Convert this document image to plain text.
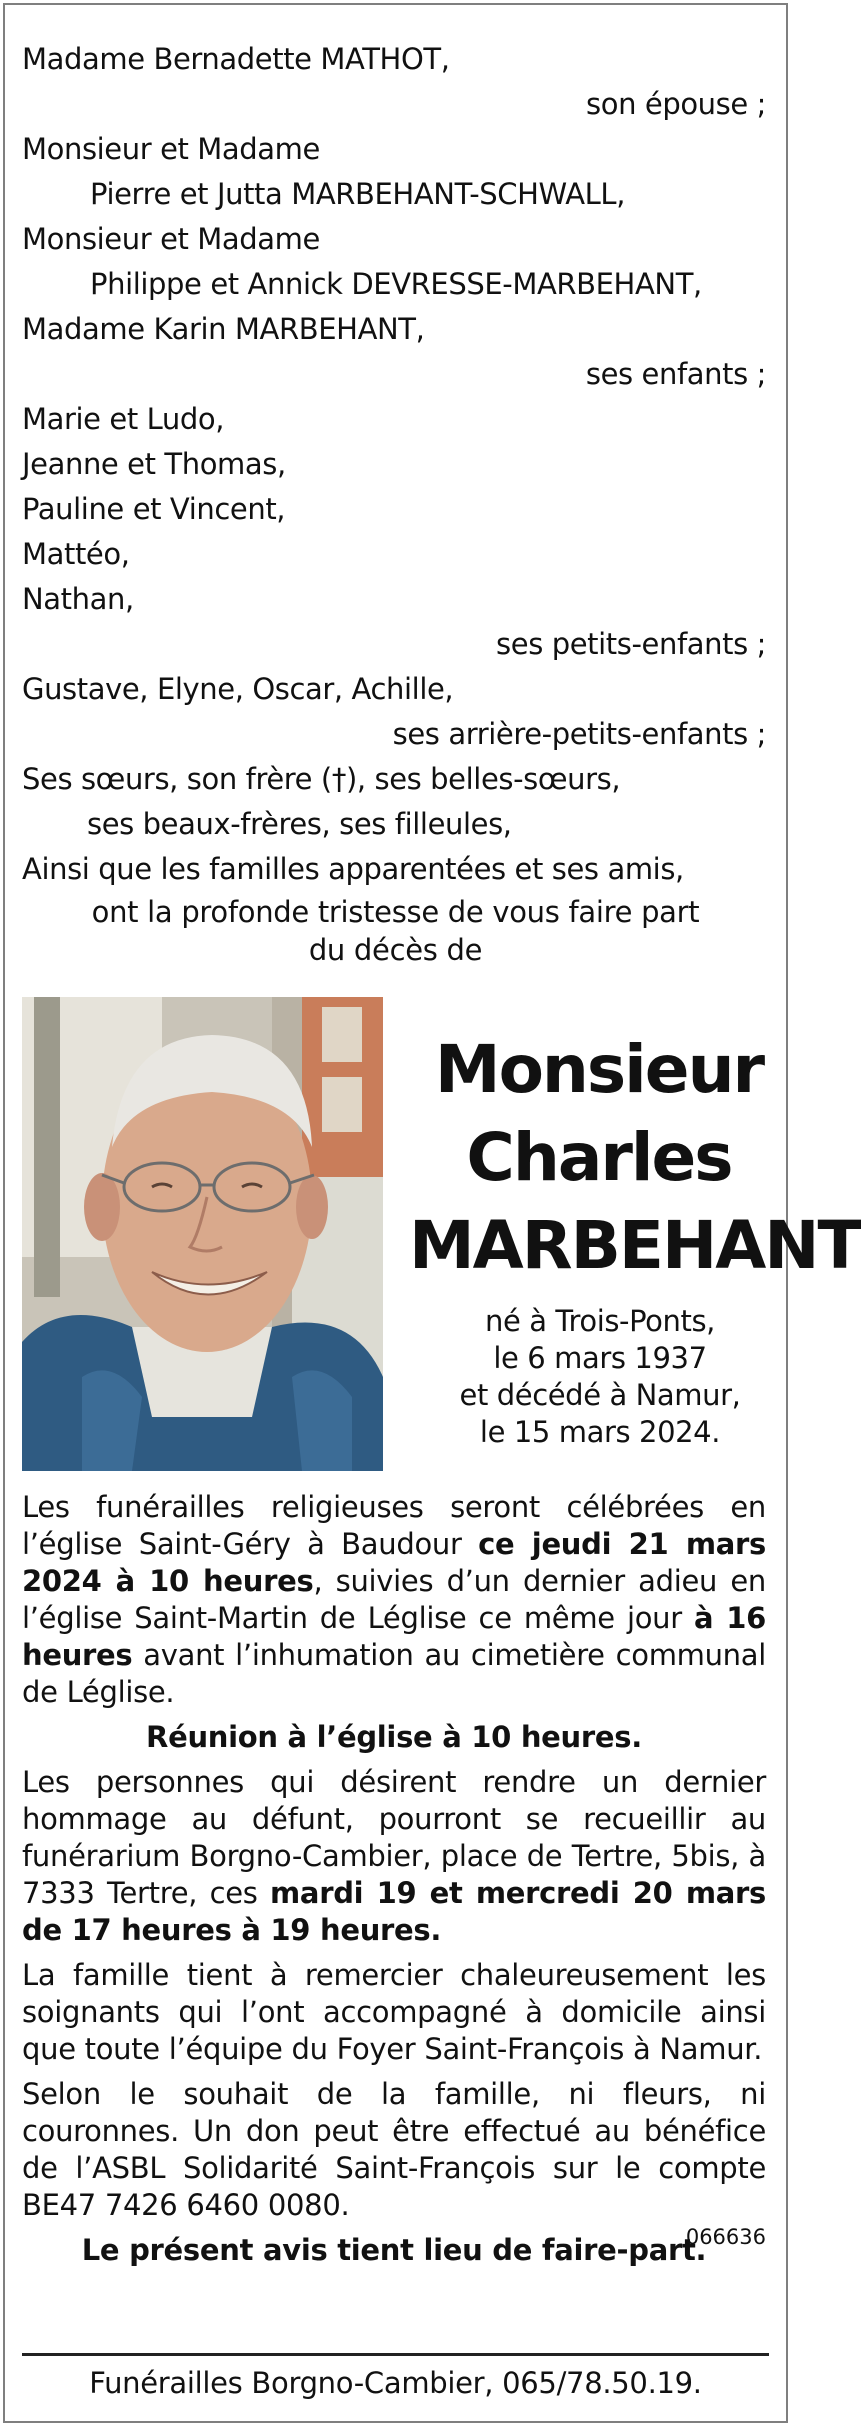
Madame Bernadette MATHOT,
son épouse ;
Monsieur et Madame
Pierre et Jutta MARBEHANT-SCHWALL,
Monsieur et Madame
Philippe et Annick DEVRESSE-MARBEHANT,
Madame Karin MARBEHANT,
ses enfants ;
Marie et Ludo,
Jeanne et Thomas,
Pauline et Vincent,
Mattéo,
Nathan,
ses petits-enfants ;
Gustave, Elyne, Oscar, Achille,
ses arrière-petits-enfants ;
Ses sœurs, son frère (†), ses belles-sœurs,
ses beaux-frères, ses filleules,
Ainsi que les familles apparentées et ses amis,
ont la profonde tristesse de vous faire part
du décès de
Monsieur
Charles
MARBEHANT
né à Trois-Ponts,
le 6 mars 1937
et décédé à Namur,
le 15 mars 2024.

Les funérailles religieuses seront célébrées en l’église Saint-Géry à Baudour ce jeudi 21 mars 2024 à 10 heures, suivies d’un dernier adieu en l’église Saint-Martin de Léglise ce même jour à 16 heures avant l’inhumation au cimetière communal de Léglise.

Réunion à l’église à 10 heures.

Les personnes qui désirent rendre un dernier hommage au défunt, pourront se recueillir au funérarium Borgno-Cambier, place de Tertre, 5bis, à 7333 Tertre, ces mardi 19 et mercredi 20 mars de 17 heures à 19 heures.

La famille tient à remercier chaleureusement les soignants qui l’ont accompagné à domicile ainsi que toute l’équipe du Foyer Saint-François à Namur.

Selon le souhait de la famille, ni fleurs, ni couronnes. Un don peut être effectué au bénéfice de l’ASBL Solidarité Saint-François sur le compte BE47 7426 6460 0080.

Le présent avis tient lieu de faire-part.

066636
Funérailles Borgno-Cambier, 065/78.50.19.
